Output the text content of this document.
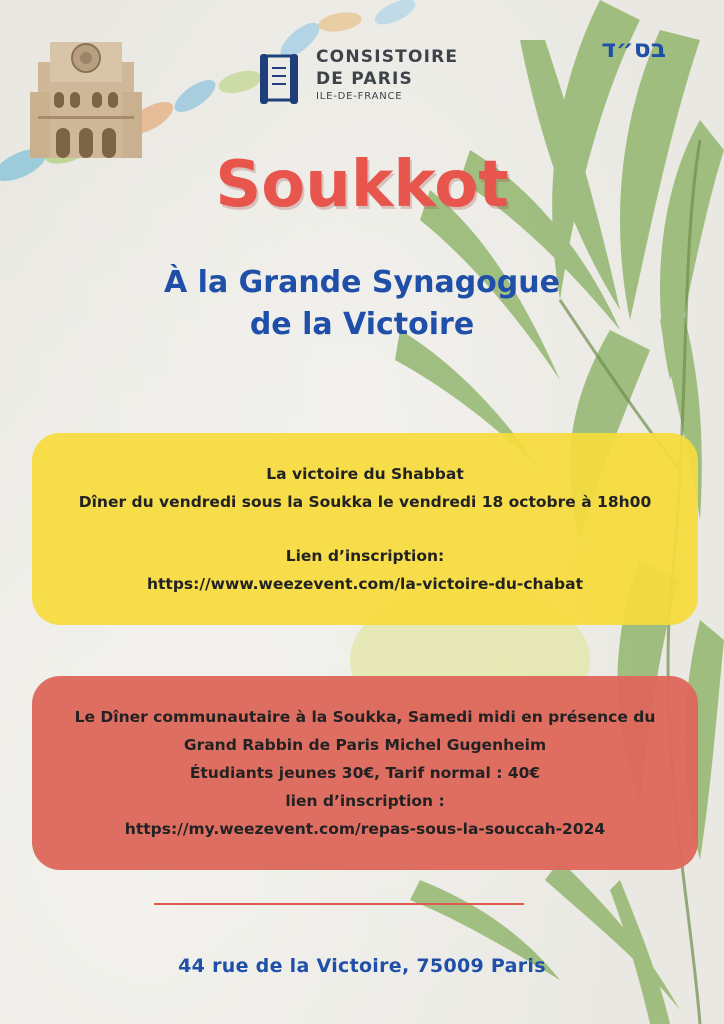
CONSISTOIRE
DE PARIS
ILE-DE-FRANCE
בס״ד
Soukkot
À la Grande Synagogue
de la Victoire
La victoire du Shabbat
Dîner du vendredi sous la Soukka le vendredi 18 octobre à 18h00
Lien d’inscription:
https://www.weezevent.com/la-victoire-du-chabat
Le Dîner communautaire à la Soukka, Samedi midi en présence du
Grand Rabbin de Paris Michel Gugenheim
Étudiants jeunes 30€, Tarif normal : 40€
lien d’inscription :
https://my.weezevent.com/repas-sous-la-souccah-2024
44 rue de la Victoire, 75009 Paris
